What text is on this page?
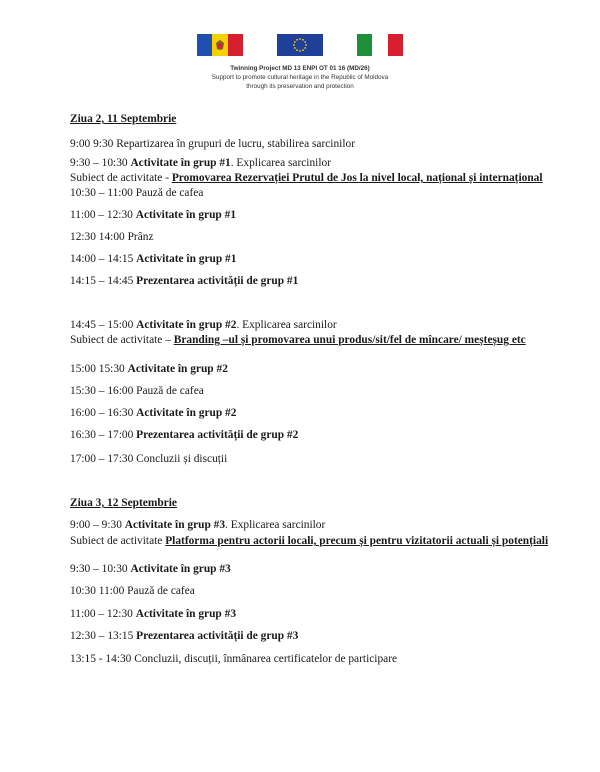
Twinning Project MD 13 ENPI OT 01 16 (MD/26)
Support to promote cultural heritage in the Republic of Moldova
through its preservation and protection
Ziua 2, 11 Septembrie
9:00 9:30 Repartizarea în grupuri de lucru, stabilirea sarcinilor
9:30 – 10:30 Activitate în grup #1. Explicarea sarcinilor
Subiect de activitate - Promovarea Rezervației Prutul de Jos la nivel local, național și internațional
10:30 – 11:00 Pauză de cafea
11:00 – 12:30 Activitate în grup #1
12:30 14:00 Prânz
14:00 – 14:15 Activitate în grup #1
14:15 – 14:45 Prezentarea activității de grup #1
14:45 – 15:00 Activitate în grup #2. Explicarea sarcinilor
Subiect de activitate – Branding –ul și promovarea unui produs/sit/fel de mîncare/ meșteșug etc
15:00 15:30 Activitate în grup #2
15:30 – 16:00 Pauză de cafea
16:00 – 16:30 Activitate în grup #2
16:30 – 17:00 Prezentarea activității de grup #2
17:00 – 17:30 Concluzii și discuții
Ziua 3, 12 Septembrie
9:00 – 9:30 Activitate în grup #3. Explicarea sarcinilor
Subiect de activitate Platforma pentru actorii locali, precum și pentru vizitatorii actuali și potențiali
9:30 – 10:30 Activitate în grup #3
10:30 11:00 Pauză de cafea
11:00 – 12:30 Activitate în grup #3
12:30 – 13:15 Prezentarea activității de grup #3
13:15 - 14:30 Concluzii, discuții, înmânarea certificatelor de participare
